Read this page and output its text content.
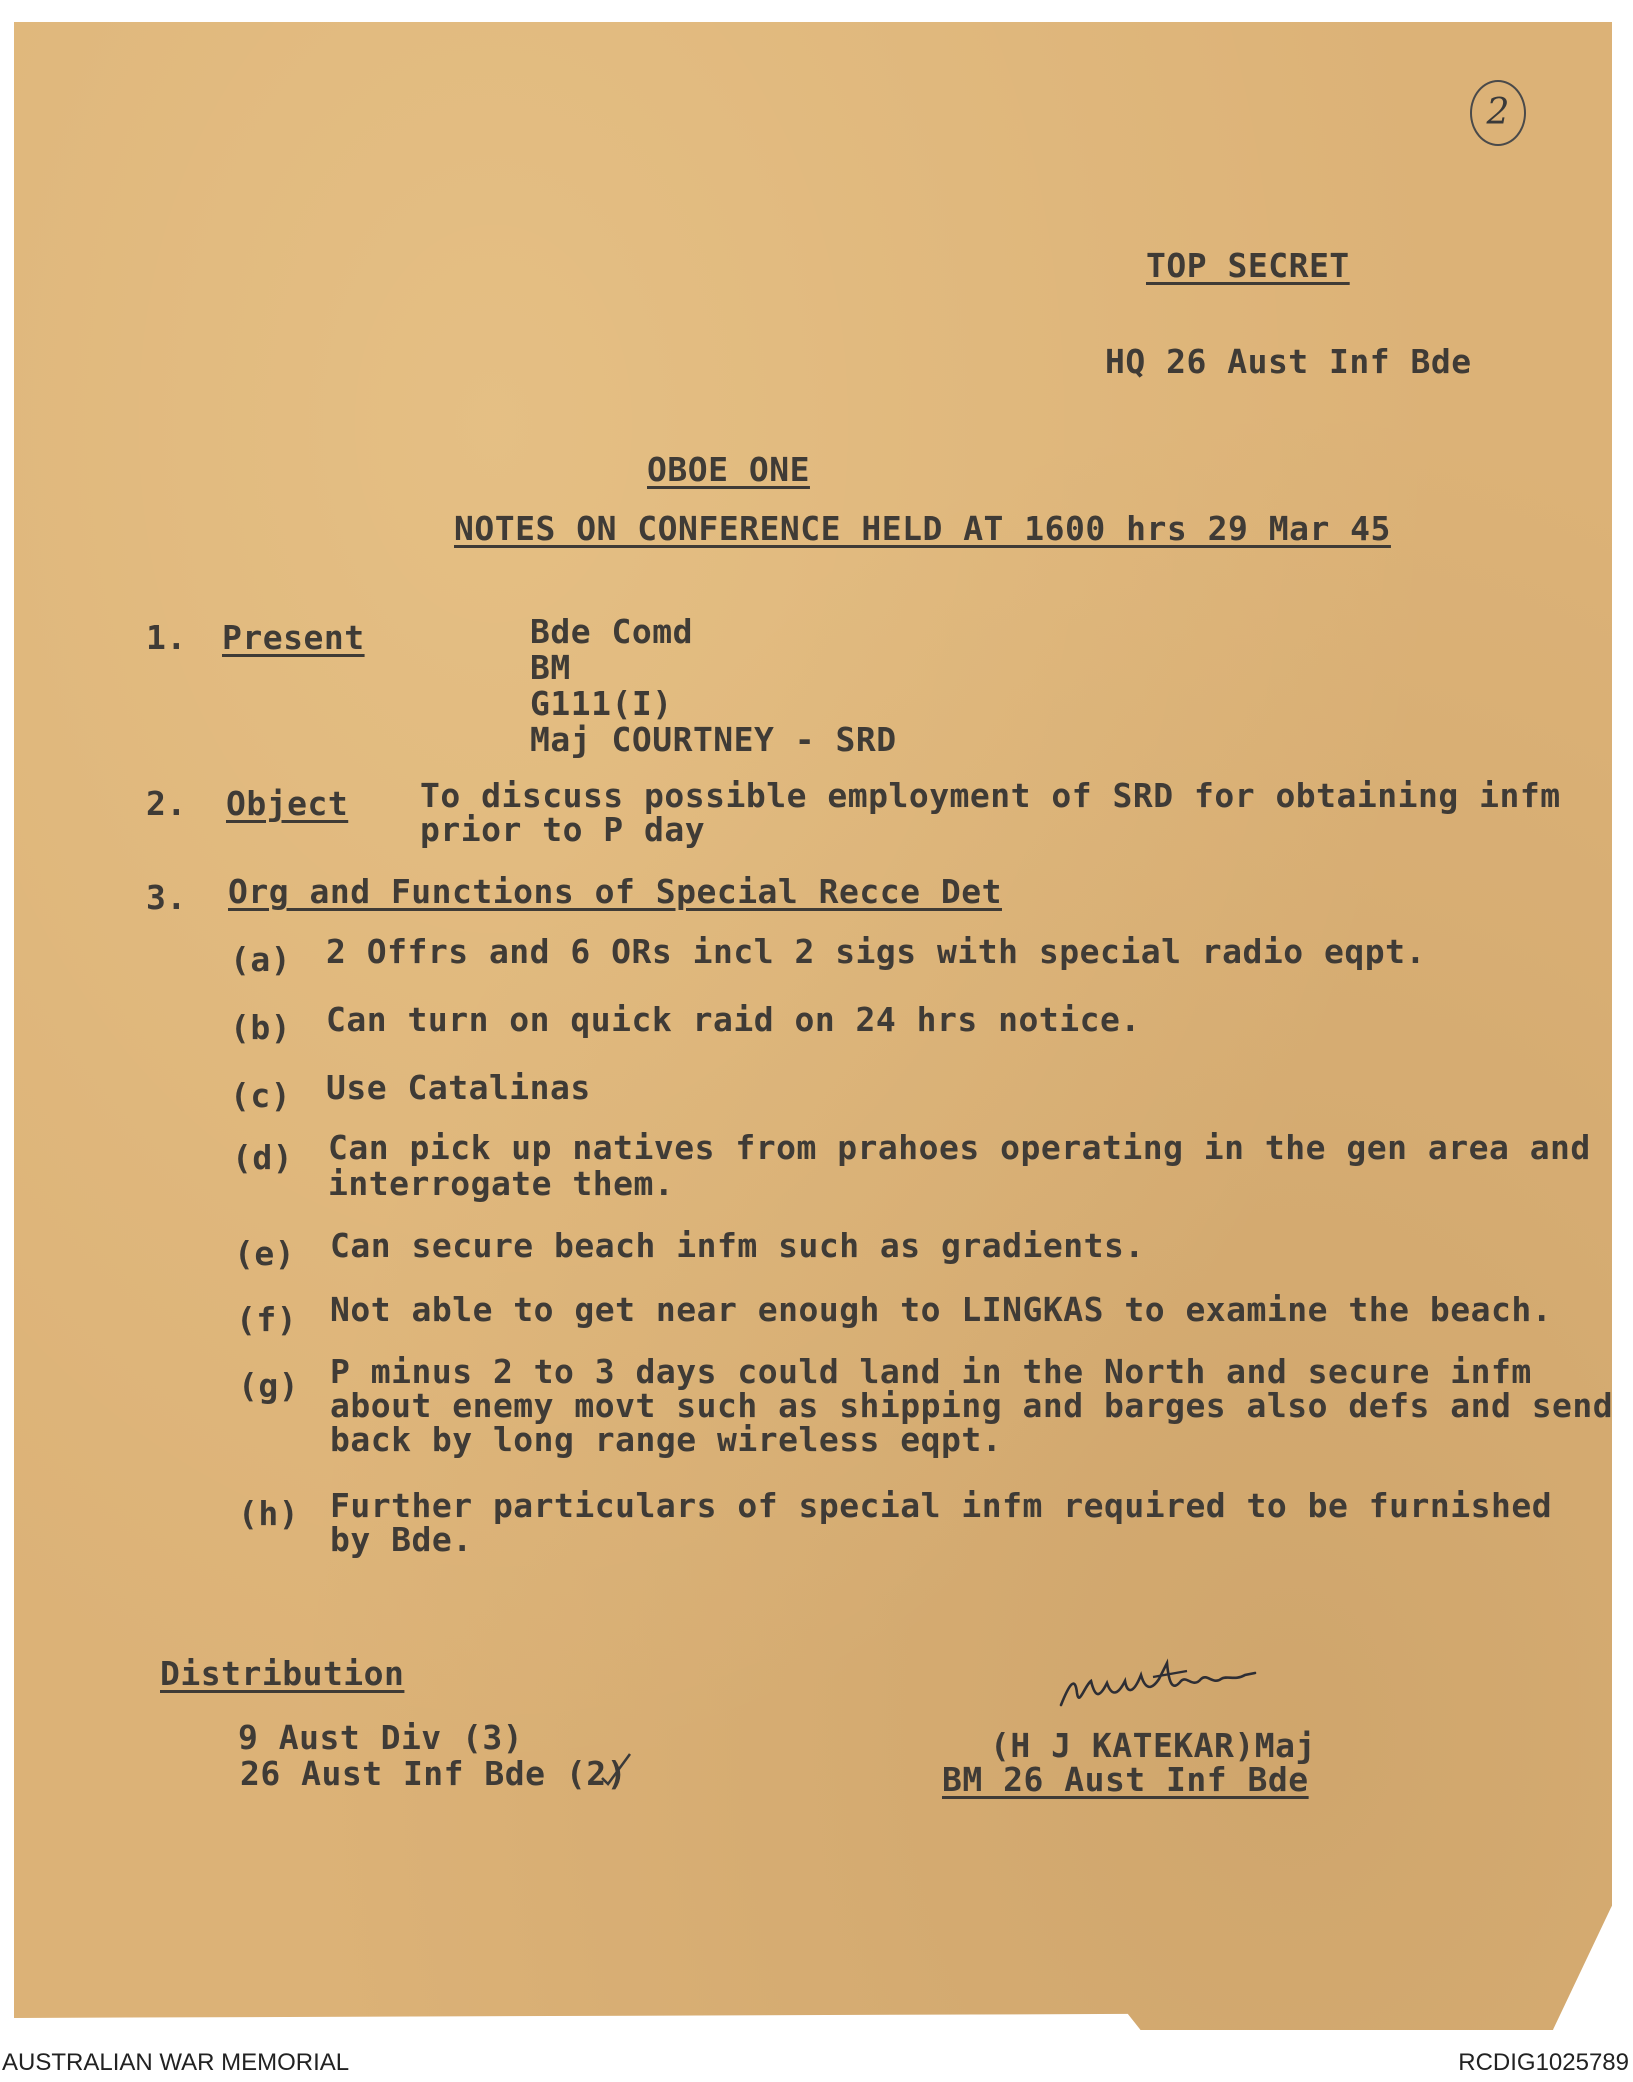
2
TOP SECRET
HQ 26 Aust Inf Bde
OBOE ONE
NOTES ON CONFERENCE HELD AT 1600 hrs 29 Mar 45
1. Present	Bde Comd
BM
G111(I)
Maj COURTNEY - SRD
2. Object To discuss possible employment of SRD for obtaining infm
prior to P day
3. Org and Functions of Special Recce Det
(a) 2 Offrs and 6 ORs incl 2 sigs with special radio eqpt.
(b) Can turn on quick raid on 24 hrs notice.
(c) Use Catalinas
(d) Can pick up natives from prahoes operating in the gen area and
interrogate them.
(e) Can secure beach infm such as gradients.
(f) Not able to get near enough to LINGKAS to examine the beach.
(g) P minus 2 to 3 days could land in the North and secure infm
about enemy movt such as shipping and barges also defs and send
back by long range wireless eqpt.
(h) Further particulars of special infm required to be furnished
by Bde.
Distribution
9 Aust Div (3)
26 Aust Inf Bde (2)
(H J KATEKAR)Maj
BM 26 Aust Inf Bde
AUSTRALIAN WAR MEMORIAL	RCDIG1025789
